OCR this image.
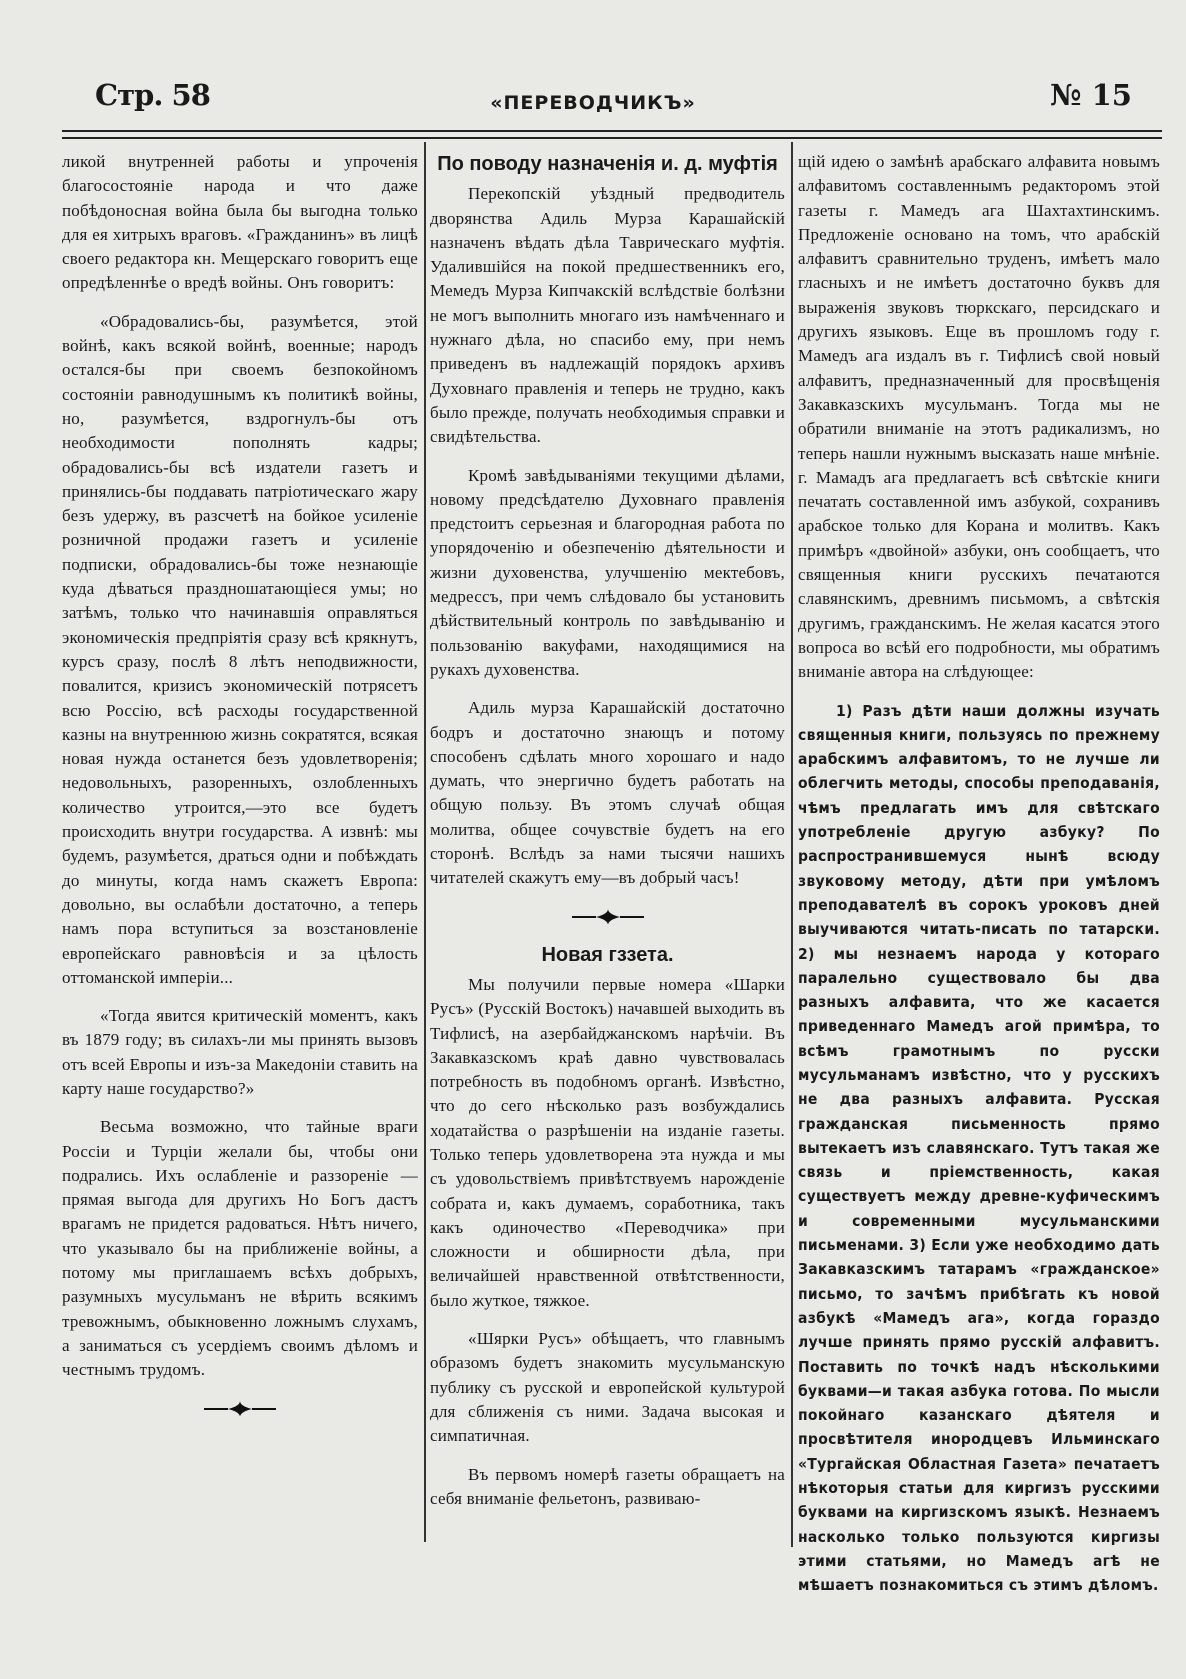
Стр. 58	«ПЕРЕВОДЧИКЪ»	№ 15

ликой внутренней работы и упроченія благосостояніе народа и что даже побѣдоносная война была бы выгодна только для ея хитрыхъ враговъ. «Гражданинъ» въ лицѣ своего редактора кн. Мещерскаго говоритъ еще опредѣленнѣе о вредѣ войны. Онъ говоритъ:

«Обрадовались-бы, разумѣется, этой войнѣ, какъ всякой войнѣ, военные; народъ остался-бы при своемъ безпокойномъ состояніи равнодушнымъ къ политикѣ войны, но, разумѣется, вздрогнулъ-бы отъ необходимости пополнять кадры; обрадовались-бы всѣ издатели газетъ и принялись-бы поддавать патріотическаго жару безъ удержу, въ разсчетѣ на бойкое усиленіе розничной продажи газетъ и усиленіе подписки, обрадовались-бы тоже незнающіе куда дѣваться праздношатающіеся умы; но затѣмъ, только что начинавшія оправляться экономическія предпріятія сразу всѣ крякнутъ, курсъ сразу, послѣ 8 лѣтъ неподвижности, повалится, кризисъ экономическій потрясетъ всю Россію, всѣ расходы государственной казны на внутреннюю жизнь сократятся, всякая новая нужда останется безъ удовлетворенія; недовольныхъ, разоренныхъ, озлобленныхъ количество утроится,—это все будетъ происходить внутри государства. А извнѣ: мы будемъ, разумѣется, драться одни и побѣждать до минуты, когда намъ скажетъ Европа: довольно, вы ослабѣли достаточно, а теперь намъ пора вступиться за возстановленіе европейскаго равновѣсія и за цѣлость оттоманской имперіи...

«Тогда явится критическій моментъ, какъ въ 1879 году; въ силахъ-ли мы принять вызовъ отъ всей Европы и изъ-за Македоніи ставить на карту наше государство?»

Весьма возможно, что тайные враги Россіи и Турціи желали бы, чтобы они подрались. Ихъ ослабленіе и раззореніе —прямая выгода для другихъ Но Богъ дастъ врагамъ не придется радоваться. Нѣтъ ничего, что указывало бы на приближеніе войны, а потому мы приглашаемъ всѣхъ добрыхъ, разумныхъ мусульманъ не вѣрить всякимъ тревожнымъ, обыкновенно ложнымъ слухамъ, а заниматься съ усердіемъ своимъ дѣломъ и честнымъ трудомъ.

По поводу назначенія и. д. муфтія

Перекопскій уѣздный предводитель дворянства Адиль Мурза Карашайскій назначенъ вѣдать дѣла Таврическаго муфтія. Удалившійся на покой предшественникъ его, Мемедъ Мурза Кипчакскій вслѣдствіе болѣзни не могъ выполнить многаго изъ намѣченнаго и нужнаго дѣла, но спасибо ему, при немъ приведенъ въ надлежащій порядокъ архивъ Духовнаго правленія и теперь не трудно, какъ было прежде, получать необходимыя справки и свидѣтельства.

Кромѣ завѣдываніями текущими дѣлами, новому предсѣдателю Духовнаго правленія предстоитъ серьезная и благородная работа по упорядоченію и обезпеченію дѣятельности и жизни духовенства, улучшенію мектебовъ, медрессъ, при чемъ слѣдовало бы установить дѣйствительный контроль по завѣдыванію и пользованію вакуфами, находящимися на рукахъ духовенства.

Адиль мурза Карашайскій достаточно бодръ и достаточно знающъ и потому способенъ сдѣлать много хорошаго и надо думать, что энергично будетъ работать на общую пользу. Въ этомъ случаѣ общая молитва, общее сочувствіе будетъ на его сторонѣ. Вслѣдъ за нами тысячи нашихъ читателей скажутъ ему—въ добрый часъ!

Новая гззета.

Мы получили первые номера «Шарки Русъ» (Русскій Востокъ) начавшей выходить въ Тифлисѣ, на азербайджанскомъ нарѣчіи. Въ Закавказскомъ краѣ давно чувствовалась потребность въ подобномъ органѣ. Извѣстно, что до сего нѣсколько разъ возбуждались ходатайства о разрѣшеніи на изданіе газеты. Только теперь удовлетворена эта нужда и мы съ удовольствіемъ привѣтствуемъ нарожденіе собрата и, какъ думаемъ, соработника, такъ какъ одиночество «Переводчика» при сложности и обширности дѣла, при величайшей нравственной отвѣтственности, было жуткое, тяжкое.

«Шярки Русъ» обѣщаетъ, что главнымъ образомъ будетъ знакомить мусульманскую публику съ русской и европейской культурой для сближенія съ ними. Задача высокая и симпатичная.

Въ первомъ номерѣ газеты обращаетъ на себя вниманіе фельетонъ, развиваю-

щій идею о замѣнѣ арабскаго алфавита новымъ алфавитомъ составленнымъ редакторомъ этой газеты г. Мамедъ ага Шахтахтинскимъ. Предложеніе основано на томъ, что арабскій алфавитъ сравнительно труденъ, имѣетъ мало гласныхъ и не имѣетъ достаточно буквъ для выраженія звуковъ тюркскаго, персидскаго и другихъ языковъ. Еще въ прошломъ году г. Мамедъ ага издалъ въ г. Тифлисѣ свой новый алфавитъ, предназначенный для просвѣщенія Закавказскихъ мусульманъ. Тогда мы не обратили вниманіе на этотъ радикализмъ, но теперь нашли нужнымъ высказать наше мнѣніе. г. Мамадъ ага предлагаетъ всѣ свѣтскіе книги печатать составленной имъ азбукой, сохранивъ арабское только для Корана и молитвъ. Какъ примѣръ «двойной» азбуки, онъ сообщаетъ, что священныя книги русскихъ печатаются славянскимъ, древнимъ письмомъ, а свѣтскія другимъ, гражданскимъ. Не желая касатся этого вопроса во всѣй его подробности, мы обратимъ вниманіе автора на слѣдующее:

1) Разъ дѣти наши должны изучать священныя книги, пользуясь по прежнему арабскимъ алфавитомъ, то не лучше ли облегчить методы, способы преподаванія, чѣмъ предлагать имъ для свѣтскаго употребленіе другую азбуку? По распространившемуся нынѣ всюду звуковому методу, дѣти при умѣломъ преподавателѣ въ сорокъ уроковъ дней выучиваются читать-писать по татарски. 2) мы незнаемъ народа у котораго паралельно существовало бы два разныхъ алфавита, что же касается приведеннаго Мамедъ агой примѣра, то всѣмъ грамотнымъ по русски мусульманамъ извѣстно, что у русскихъ не два разныхъ алфавита. Русская гражданская письменность прямо вытекаетъ изъ славянскаго. Тутъ такая же связь и пріемственность, какая существуетъ между древне-куфическимъ и современными мусульманскими письменами. 3) Если уже необходимо дать Закавказскимъ татарамъ «гражданское» письмо, то зачѣмъ прибѣгать къ новой азбукѣ «Мамедъ ага», когда гораздо лучше принять прямо русскій алфавитъ. Поставить по точкѣ надъ нѣсколькими буквами—и такая азбука готова. По мысли покойнаго казанскаго дѣятеля и просвѣтителя инородцевъ Ильминскаго «Тургайская Областная Газета» печатаетъ нѣкоторыя статьи для киргизъ русскими буквами на киргизскомъ языкѣ. Незнаемъ насколько только пользуются киргизы этими статьями, но Мамедъ агѣ не мѣшаетъ познакомиться съ этимъ дѣломъ.
